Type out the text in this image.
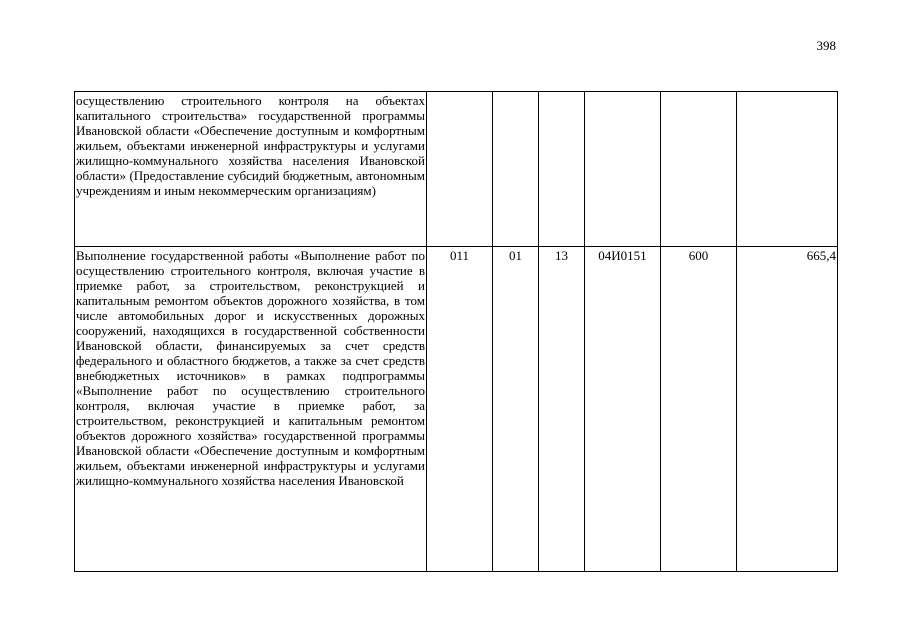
398
осуществлению строительного контроля на объектах капитального строительства» государственной программы Ивановской области «Обеспечение доступным и комфортным жильем, объектами инженерной инфраструктуры и услугами жилищно-коммунального хозяйства населения Ивановской области» (Предоставление субсидий бюджетным, автономным учреждениям и иным некоммерческим организациям)						

Выполнение государственной работы «Выполнение работ по осуществлению строительного контроля, включая участие в приемке работ, за строительством, реконструкцией и капитальным ремонтом объектов дорожного хозяйства, в том числе автомобильных дорог и искусственных дорожных сооружений, находящихся в государственной собственности Ивановской области, финансируемых за счет средств федерального и областного бюджетов, а также за счет средств внебюджетных источников» в рамках подпрограммы «Выполнение работ по осуществлению строительного контроля, включая участие в приемке работ, за строительством, реконструкцией и капитальным ремонтом объектов дорожного хозяйства» государственной программы Ивановской области «Обеспечение доступным и комфортным жильем, объектами инженерной инфраструктуры и услугами жилищно-коммунального хозяйства населения Ивановской	011	01	13	04И0151	600	665,4
